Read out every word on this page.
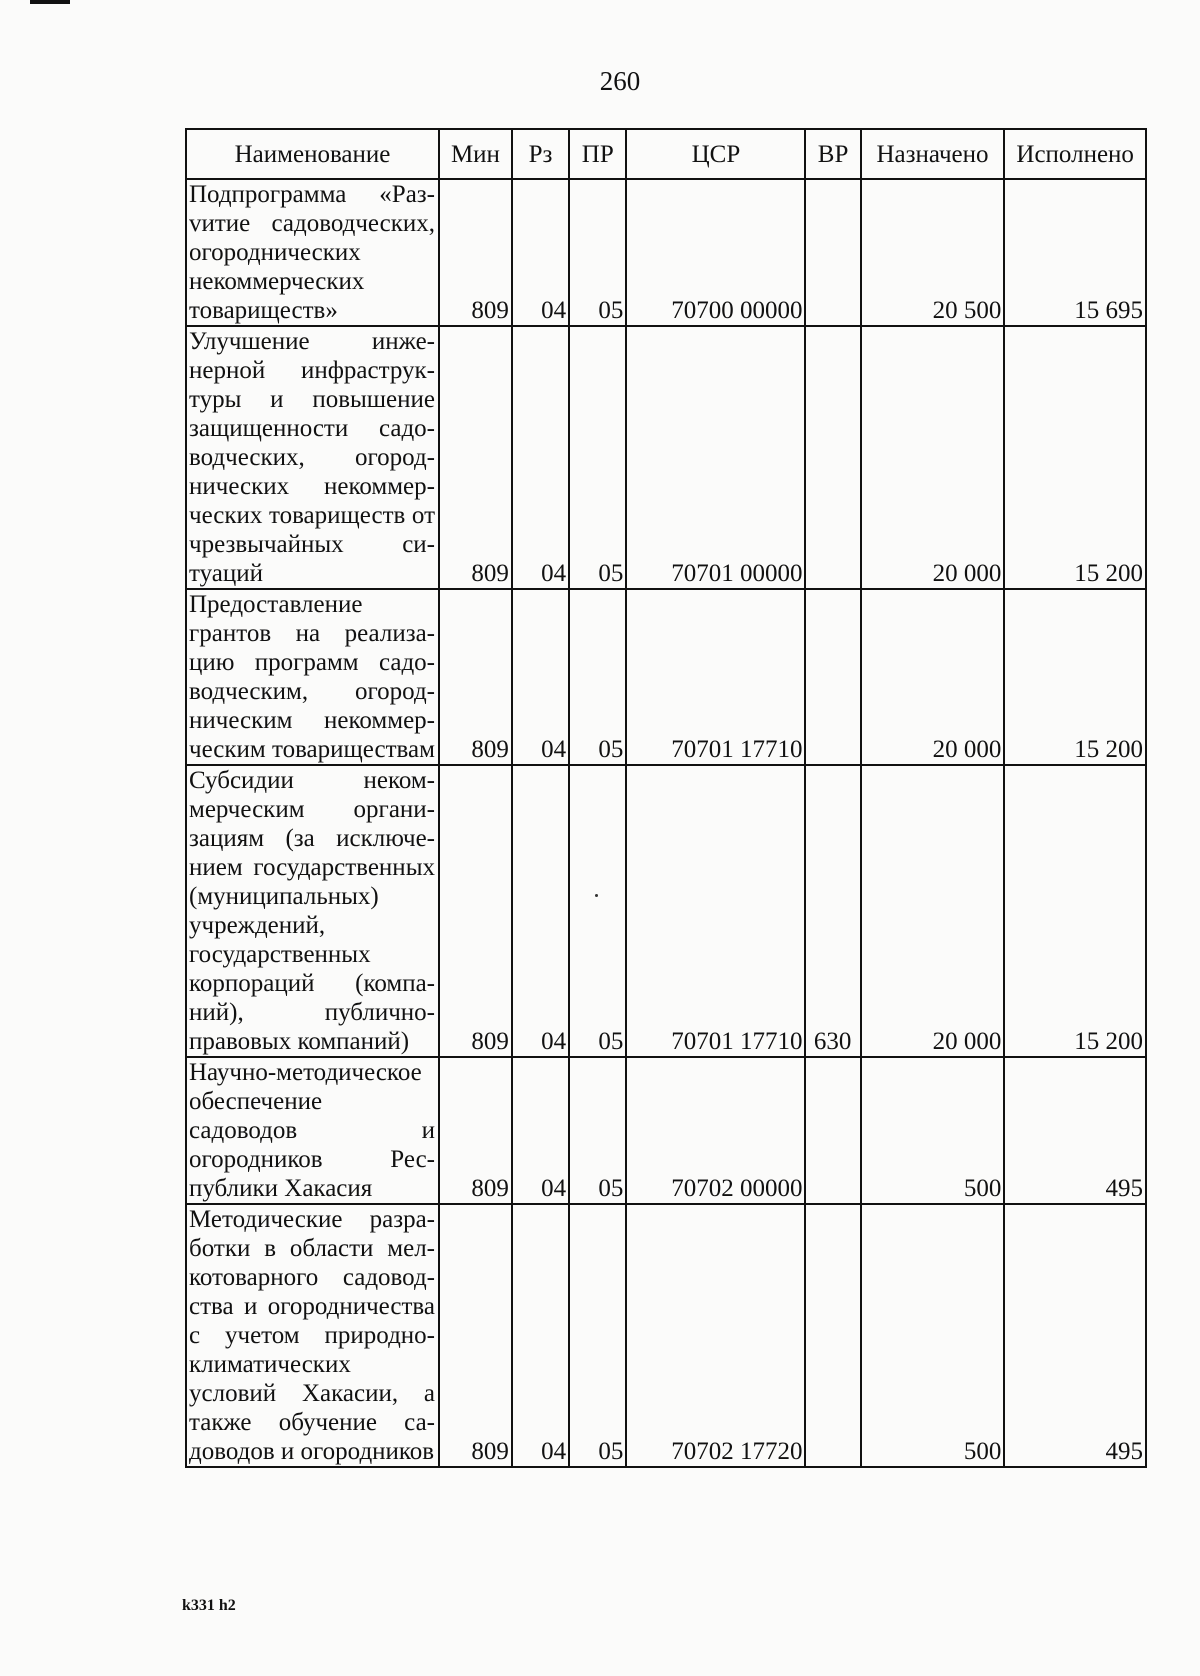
260
Наименование	Мин	Рз	ПР	ЦСР	ВР	Назначено	Исполнено
Подпрограмма «Разvитие садоводческих, огороднических некоммерческих товариществ»	809	04	05	70700 00000		20 500	15 695
Улучшение инженерной инфраструктуры и повышение защищенности садоводческих, огороднических некоммерческих товариществ от чрезвычайных ситуаций	809	04	05	70701 00000		20 000	15 200
Предоставление грантов на реализацию программ садоводческим, огородническим некоммерческим товариществам	809	04	05	70701 17710		20 000	15 200
Субсидии некоммерческим организациям (за исключением государственных (муниципальных) учреждений, государственных корпораций (компаний), публично-правовых компаний)	809	04	05	70701 17710	630	20 000	15 200
Научно-методическое обеспечение садоводов и огородников Республики Хакасия	809	04	05	70702 00000		500	495
Методические разработки в области мелкотоварного садоводства и огородничества с учетом природно-климатических условий Хакасии, а также обучение садоводов и огородников	809	04	05	70702 17720		500	495
k331 h2
